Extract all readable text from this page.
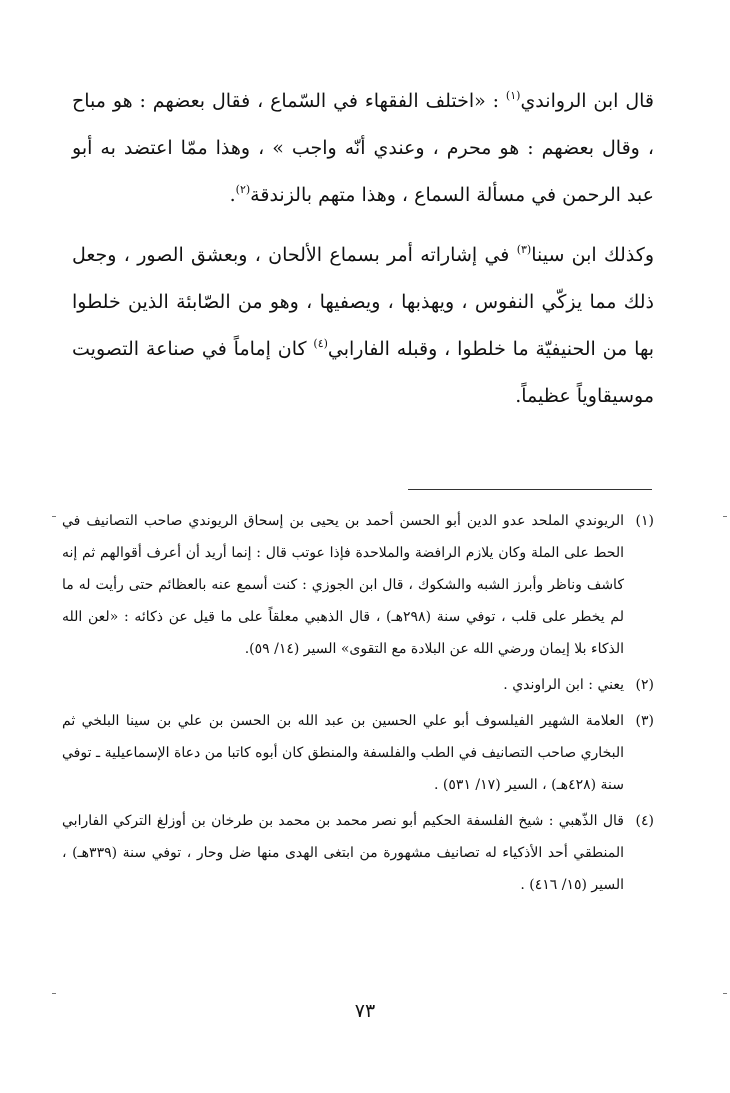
قال ابن الرواندي$^{(١)}$ : «اختلف الفقهاء في السّماع ، فقال بعضهم : هو مباح ، وقال بعضهم : هو محرم ، وعندي أنّه واجب » ، وهذا ممّا اعتضد به أبو عبد الرحمن في مسألة السماع ، وهذا متهم بالزندقة$^{(٢)}$.

وكذلك ابن سينا$^{(٣)}$ في إشاراته أمر بسماع الألحان ، وبعشق الصور ، وجعل ذلك مما يزكّي النفوس ، ويهذبها ، ويصفيها ، وهو من الصّابئة الذين خلطوا بها من الحنيفيّة ما خلطوا ، وقبله الفارابي$^{(٤)}$ كان إماماً في صناعة التصويت موسيقاوياً عظيماً.

(١)
الريوندي الملحد عدو الدين أبو الحسن أحمد بن يحيى بن إسحاق الريوندي صاحب التصانيف في الحط على الملة وكان يلازم الرافضة والملاحدة فإذا عوتب قال : إنما أريد أن أعرف أقوالهم ثم إنه كاشف وناظر وأبرز الشبه والشكوك ، قال ابن الجوزي : كنت أسمع عنه بالعظائم حتى رأيت له ما لم يخطر على قلب ، توفي سنة (٢٩٨هـ) ، قال الذهبي معلقاً على ما قيل عن ذكائه : «لعن الله الذكاء بلا إيمان ورضي الله عن البلادة مع التقوى» السير (١٤/ ٥٩).
(٢)
يعني : ابن الراوندي .
(٣)
العلامة الشهير الفيلسوف أبو علي الحسين بن عبد الله بن الحسن بن علي بن سينا البلخي ثم البخاري صاحب التصانيف في الطب والفلسفة والمنطق كان أبوه كاتبا من دعاة الإسماعيلية ـ توفي سنة (٤٢٨هـ) ، السير (١٧/ ٥٣١) .
(٤)
قال الذّهبي : شيخ الفلسفة الحكيم أبو نصر محمد بن محمد بن طرخان بن أوزلغ التركي الفارابي المنطقي أحد الأذكياء له تصانيف مشهورة من ابتغى الهدى منها ضل وحار ، توفي سنة (٣٣٩هـ) ، السير (١٥/ ٤١٦) .
٧٣
